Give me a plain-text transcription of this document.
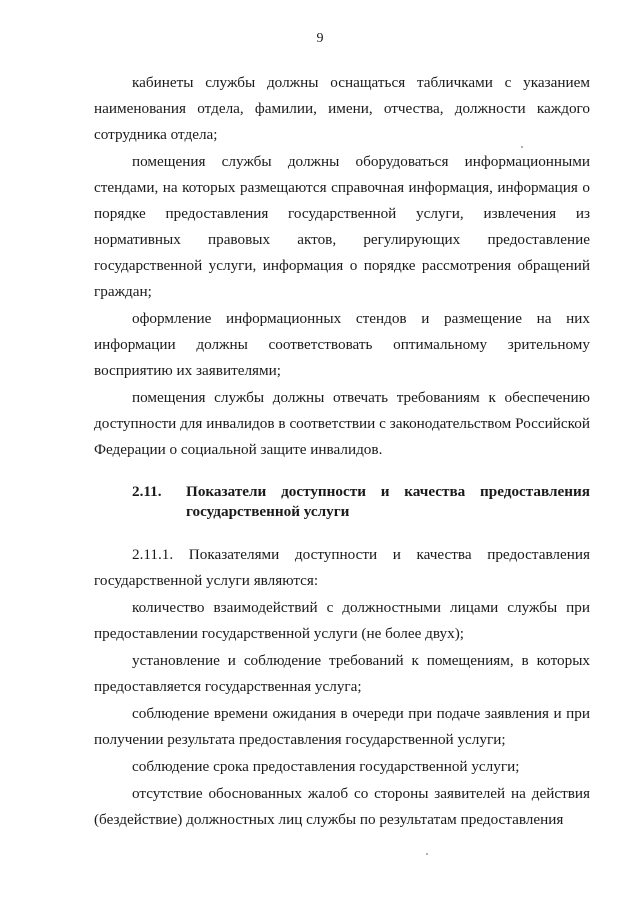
9

кабинеты службы должны оснащаться табличками с указанием наименования отдела, фамилии, имени, отчества, должности каждого сотрудника отдела;

помещения службы должны оборудоваться информационными стендами, на которых размещаются справочная информация, информация о порядке предоставления государственной услуги, извлечения из нормативных правовых актов, регулирующих предоставление государственной услуги, информация о порядке рассмотрения обращений граждан;

оформление информационных стендов и размещение на них информации должны соответствовать оптимальному зрительному восприятию их заявителями;

помещения службы должны отвечать требованиям к обеспечению доступности для инвалидов в соответствии с законодательством Российской Федерации о социальной защите инвалидов.

2.11. Показатели доступности и качества предоставления государственной услуги

2.11.1. Показателями доступности и качества предоставления государственной услуги являются:

количество взаимодействий с должностными лицами службы при предоставлении государственной услуги (не более двух);

установление и соблюдение требований к помещениям, в которых предоставляется государственная услуга;

соблюдение времени ожидания в очереди при подаче заявления и при получении результата предоставления государственной услуги;

соблюдение срока предоставления государственной услуги;

отсутствие обоснованных жалоб со стороны заявителей на действия (бездействие) должностных лиц службы по результатам предоставления
